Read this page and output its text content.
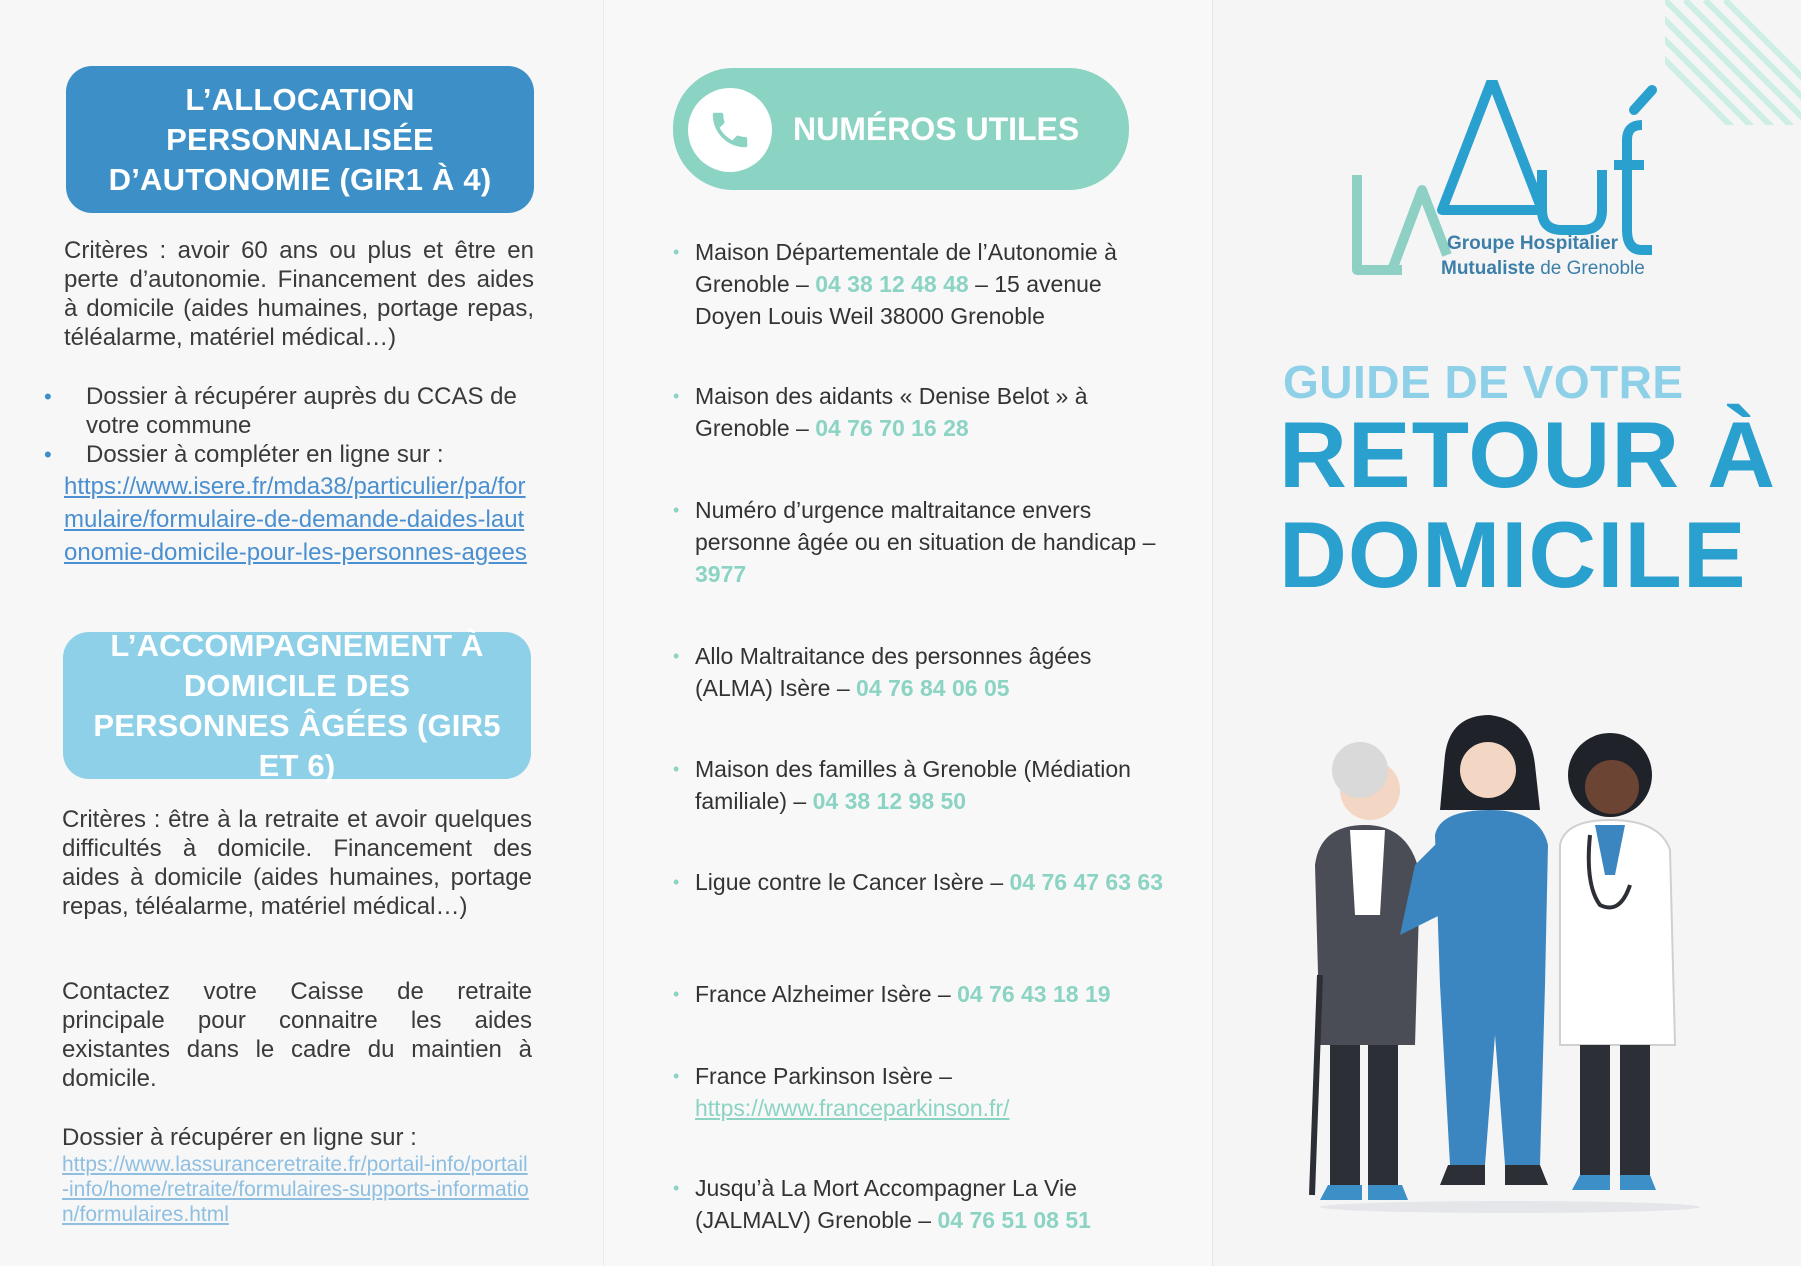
L’ALLOCATION PERSONNALISÉE D’AUTONOMIE (GIR1 À 4)
Critères : avoir 60 ans ou plus et être en perte d’autonomie. Financement des aides à domicile (aides humaines, portage repas, téléalarme, matériel médical…)
• Dossier à récupérer auprès du CCAS de votre commune
• Dossier à compléter en ligne sur :
https://www.isere.fr/mda38/particulier/pa/formulaire/formulaire-de-demande-daides-lautonomie-domicile-pour-les-personnes-agees
L’ACCOMPAGNEMENT À DOMICILE DES PERSONNES ÂGÉES (GIR5 ET 6)
Critères : être à la retraite et avoir quelques difficultés à domicile. Financement des aides à domicile (aides humaines, portage repas, téléalarme, matériel médical…)
Contactez votre Caisse de retraite principale pour connaitre les aides existantes dans le cadre du maintien à domicile.
Dossier à récupérer en ligne sur :
https://www.lassuranceretraite.fr/portail-info/portail-info/home/retraite/formulaires-supports-information/formulaires.html
NUMÉROS UTILES
• Maison Départementale de l’Autonomie à Grenoble – 04 38 12 48 48 – 15 avenue Doyen Louis Weil 38000 Grenoble
• Maison des aidants « Denise Belot » à Grenoble – 04 76 70 16 28
• Numéro d’urgence maltraitance envers personne âgée ou en situation de handicap – 3977
• Allo Maltraitance des personnes âgées (ALMA) Isère – 04 76 84 06 05
• Maison des familles à Grenoble (Médiation familiale) – 04 38 12 98 50
• Ligue contre le Cancer Isère – 04 76 47 63 63
• France Alzheimer Isère – 04 76 43 18 19
• France Parkinson Isère – https://www.franceparkinson.fr/
• Jusqu’à La Mort Accompagner La Vie (JALMALV) Grenoble – 04 76 51 08 51
Groupe Hospitalier
Mutualiste de Grenoble
GUIDE DE VOTRE
RETOUR À
DOMICILE
